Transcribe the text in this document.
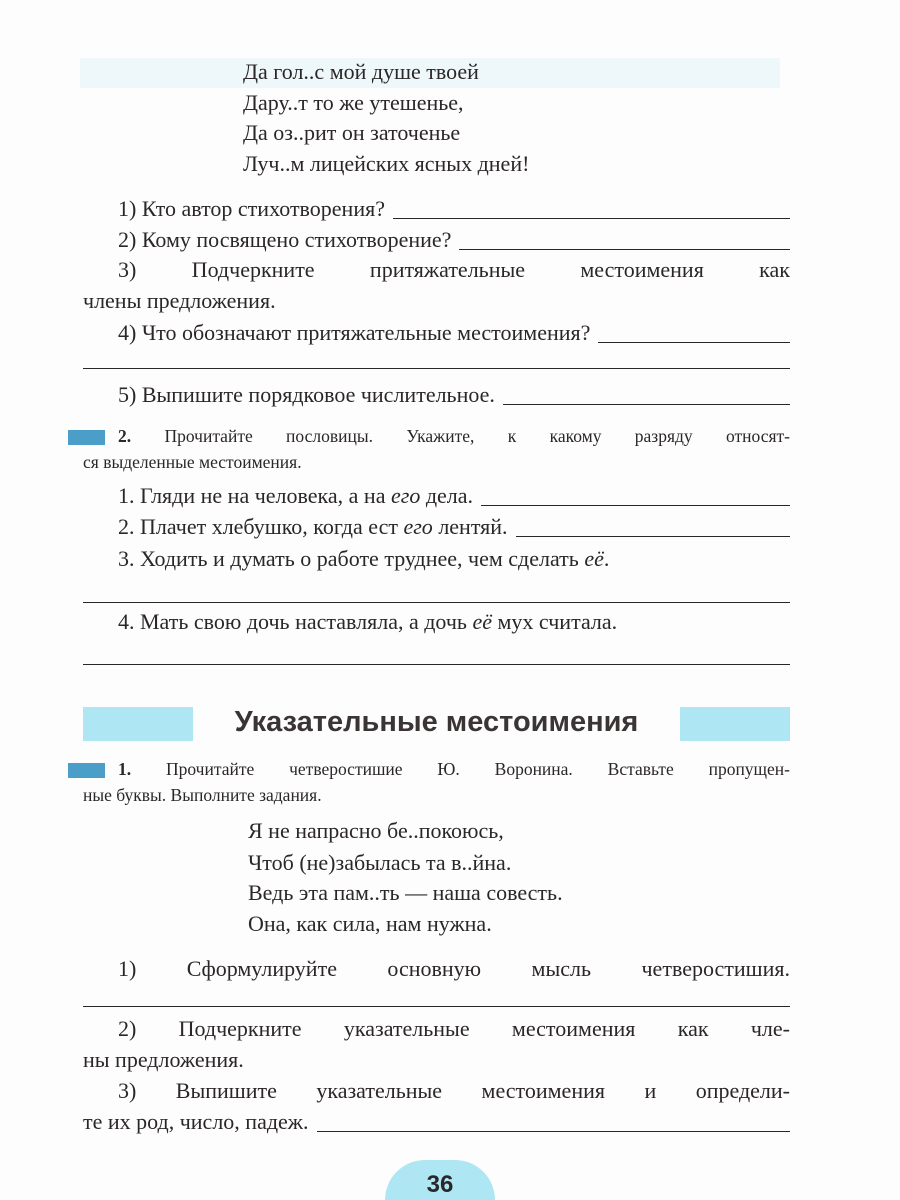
Да гол..с мой душе твоей
Дару..т то же утешенье,
Да оз..рит он заточенье
Луч..м лицейских ясных дней!
1) Кто автор стихотворения?
2) Кому посвящено стихотворение?
3) Подчеркните притяжательные местоимения как
члены предложения.
4) Что обозначают притяжательные местоимения?
5) Выпишите порядковое числительное.
2. Прочитайте пословицы. Укажите, к какому разряду относят-
ся выделенные местоимения.
1. Гляди не на человека, а на его дела.
2. Плачет хлебушко, когда ест его лентяй.
3. Ходить и думать о работе труднее, чем сделать её.
4. Мать свою дочь наставляла, а дочь её мух считала.
Указательные местоимения
1. Прочитайте четверостишие Ю. Воронина. Вставьте пропущен-
ные буквы. Выполните задания.
Я не напрасно бе..покоюсь,
Чтоб (не)забылась та в..йна.
Ведь эта пам..ть — наша совесть.
Она, как сила, нам нужна.
1) Сформулируйте основную мысль четверостишия.
2) Подчеркните указательные местоимения как чле-
ны предложения.
3) Выпишите указательные местоимения и определи-
те их род, число, падеж.
36
